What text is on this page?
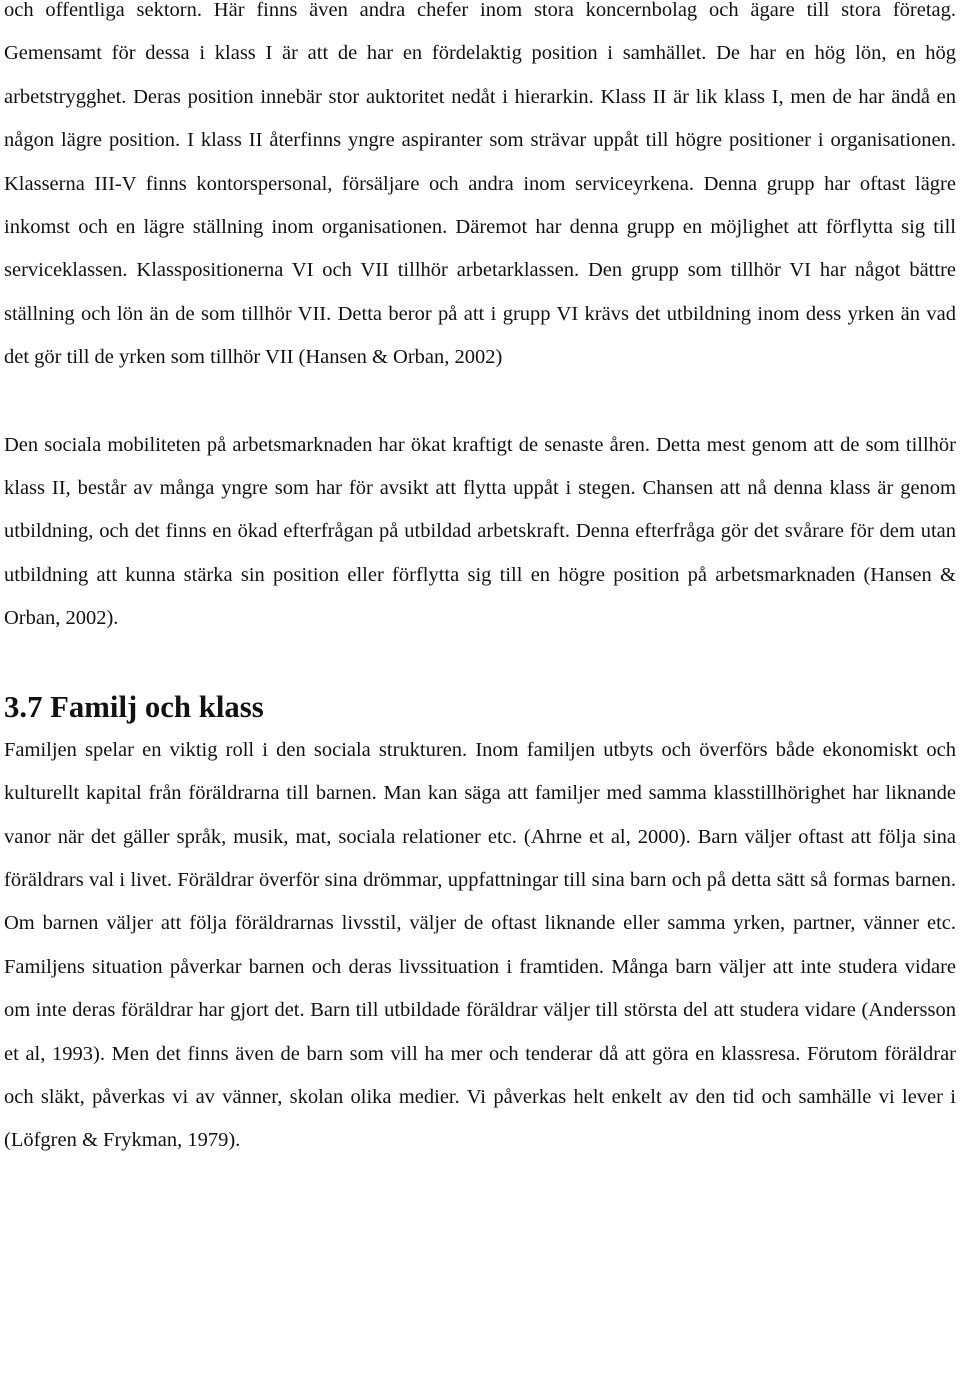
och offentliga sektorn. Här finns även andra chefer inom stora koncernbolag och ägare till stora företag. Gemensamt för dessa i klass I är att de har en fördelaktig position i samhället. De har en hög lön, en hög arbetstrygghet. Deras position innebär stor auktoritet nedåt i hierarkin. Klass II är lik klass I, men de har ändå en någon lägre position. I klass II återfinns yngre aspiranter som strävar uppåt till högre positioner i organisationen. Klasserna III-V finns kontorspersonal, försäljare och andra inom serviceyrkena. Denna grupp har oftast lägre inkomst och en lägre ställning inom organisationen. Däremot har denna grupp en möjlighet att förflytta sig till serviceklassen. Klasspositionerna VI och VII tillhör arbetarklassen. Den grupp som tillhör VI har något bättre ställning och lön än de som tillhör VII. Detta beror på att i grupp VI krävs det utbildning inom dess yrken än vad det gör till de yrken som tillhör VII (Hansen & Orban, 2002)

Den sociala mobiliteten på arbetsmarknaden har ökat kraftigt de senaste åren. Detta mest genom att de som tillhör klass II, består av många yngre som har för avsikt att flytta uppåt i stegen. Chansen att nå denna klass är genom utbildning, och det finns en ökad efterfrågan på utbildad arbetskraft. Denna efterfråga gör det svårare för dem utan utbildning att kunna stärka sin position eller förflytta sig till en högre position på arbetsmarknaden (Hansen & Orban, 2002).

3.7 Familj och klass

Familjen spelar en viktig roll i den sociala strukturen. Inom familjen utbyts och överförs både ekonomiskt och kulturellt kapital från föräldrarna till barnen. Man kan säga att familjer med samma klasstillhörighet har liknande vanor när det gäller språk, musik, mat, sociala relationer etc. (Ahrne et al, 2000). Barn väljer oftast att följa sina föräldrars val i livet. Föräldrar överför sina drömmar, uppfattningar till sina barn och på detta sätt så formas barnen. Om barnen väljer att följa föräldrarnas livsstil, väljer de oftast liknande eller samma yrken, partner, vänner etc. Familjens situation påverkar barnen och deras livssituation i framtiden. Många barn väljer att inte studera vidare om inte deras föräldrar har gjort det. Barn till utbildade föräldrar väljer till största del att studera vidare (Andersson et al, 1993). Men det finns även de barn som vill ha mer och tenderar då att göra en klassresa. Förutom föräldrar och släkt, påverkas vi av vänner, skolan olika medier. Vi påverkas helt enkelt av den tid och samhälle vi lever i (Löfgren & Frykman, 1979).
